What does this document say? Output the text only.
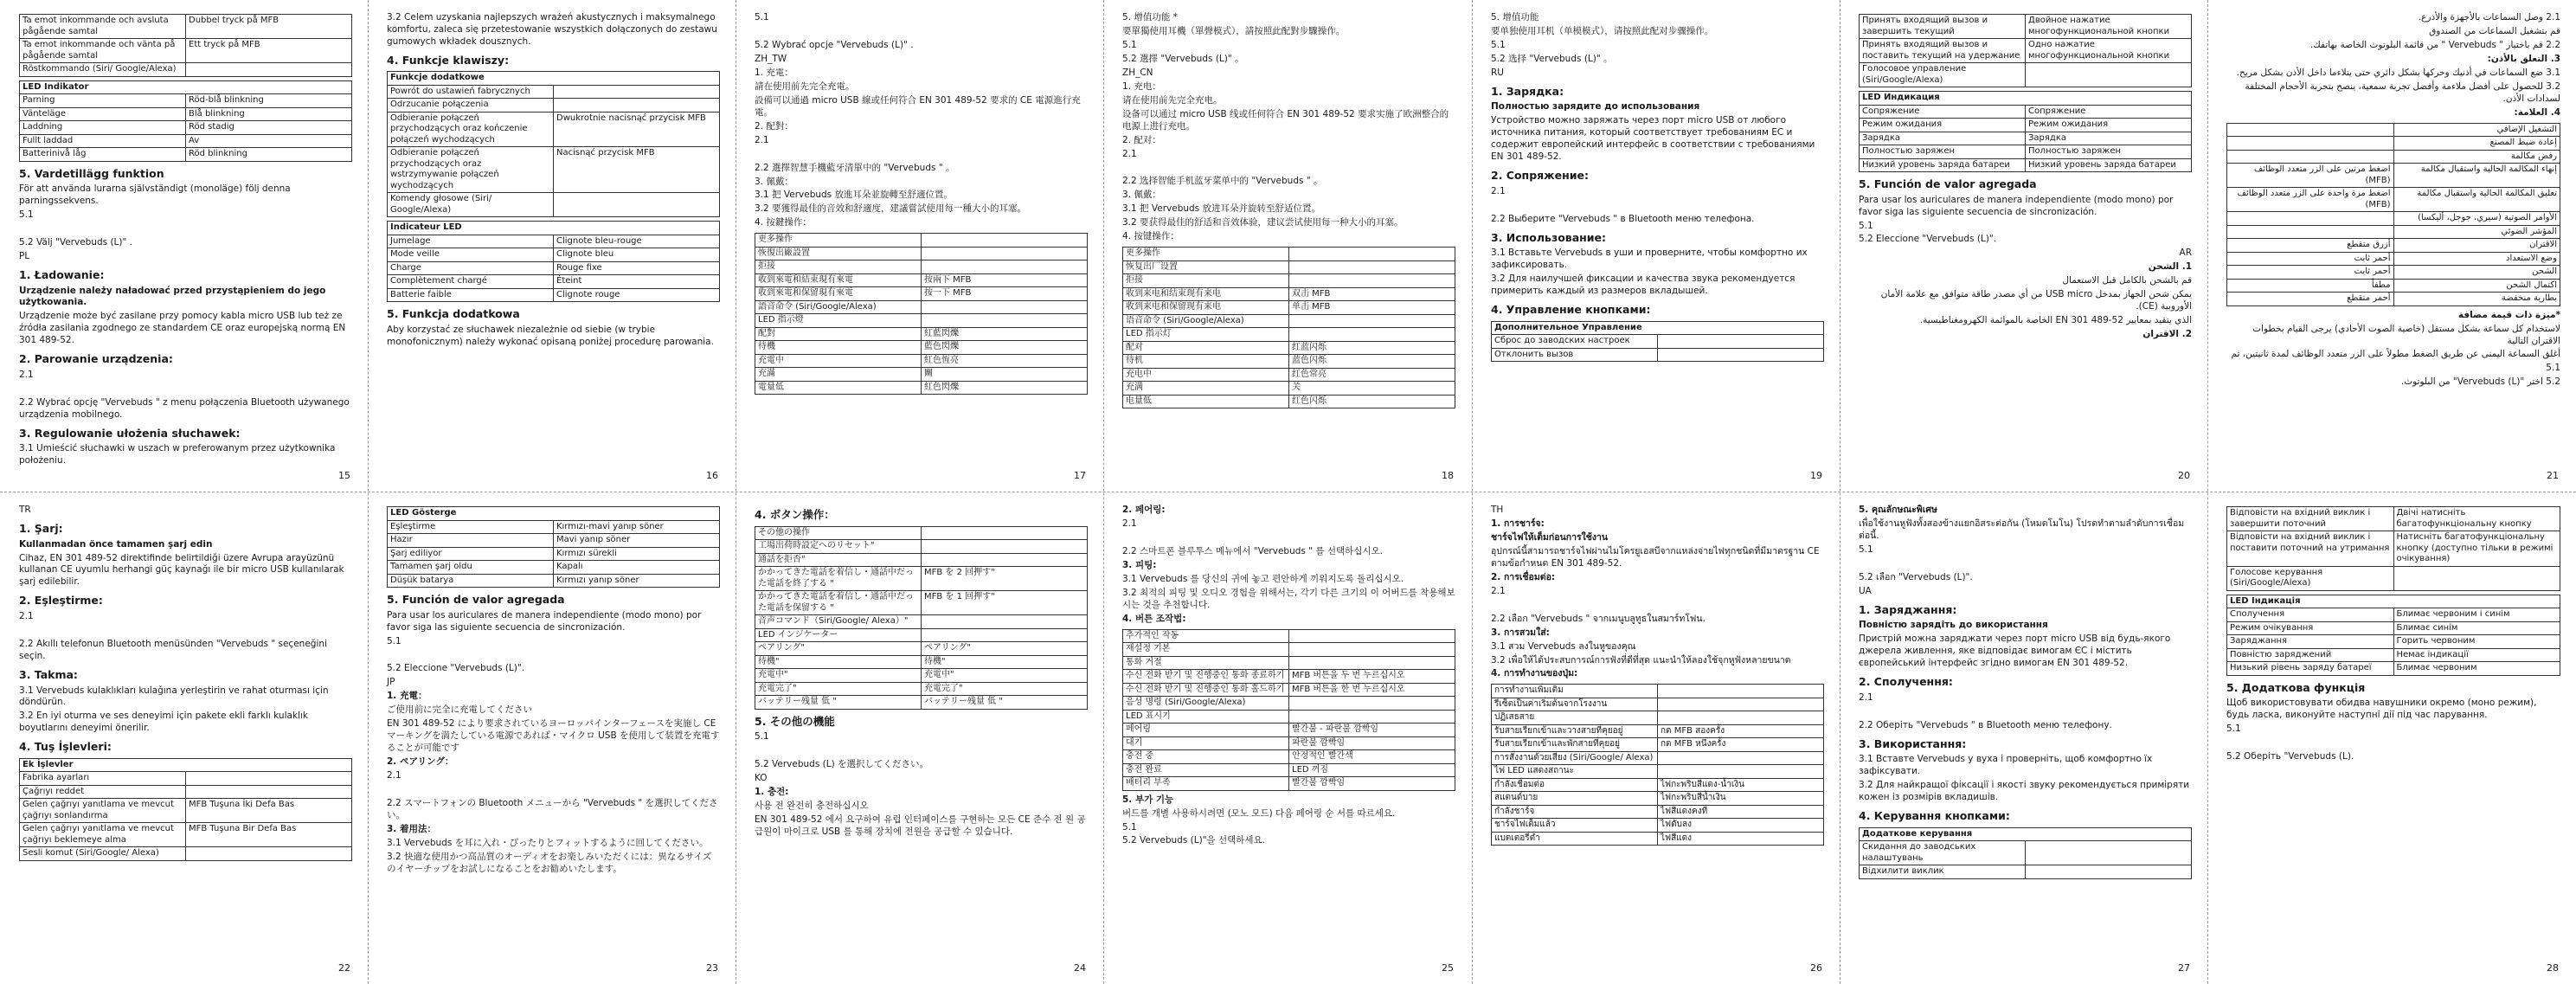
Ta emot inkommande och avsluta pågående samtal	Dubbel tryck på MFB
Ta emot inkommande och vänta på pågående samtal	Ett tryck på MFB
Röstkommando (Siri/ Google/Alexa)	
LED Indikator	
Parning	Röd-blå blinkning
Vänteläge	Blå blinkning
Laddning	Röd stadig
Fullt laddad	Av
Batterinivå låg	Röd blinkning
5. Vardetillägg funktion
För att använda lurarna självständigt (monoläge) följ denna parningssekvens.
5.1
5.2 Välj "Vervebuds (L)" .
PL
1. Ładowanie:
Urządzenie należy naładować przed przystąpieniem do jego użytkowania.
Urządzenie może być zasilane przy pomocy kabla micro USB lub też ze źródła zasilania zgodnego ze standardem CE oraz europejską normą EN 301 489-52.
2. Parowanie urządzenia:
2.1
2.2 Wybrać opcję "Vervebuds " z menu połączenia Bluetooth używanego urządzenia mobilnego.
3. Regulowanie ułożenia słuchawek:
3.1 Umieścić słuchawki w uszach w preferowanym przez użytkownika położeniu.
15
3.2 Celem uzyskania najlepszych wrażeń akustycznych i maksymalnego komfortu, zaleca się przetestowanie wszystkich dołączonych do zestawu gumowych wkładek dousznych.
4. Funkcje klawiszy:
Funkcje dodatkowe	
Powrót do ustawień fabrycznych	
Odrzucanie połączenia	
Odbieranie połączeń przychodzących oraz kończenie połączeń wychodzących	Dwukrotnie nacisnąć przycisk MFB
Odbieranie połączeń przychodzących oraz wstrzymywanie połączeń wychodzących	Nacisnąć przycisk MFB
Komendy głosowe (Siri/ Google/Alexa)	
Indicateur LED	
Jumelage	Clignote bleu-rouge
Mode veille	Clignote bleu
Charge	Rouge fixe
Complètement chargé	Éteint
Batterie faible	Clignote rouge
5. Funkcja dodatkowa
Aby korzystać ze słuchawek niezależnie od siebie (w trybie monofonicznym) należy wykonać opisaną poniżej procedurę parowania.
16
5.1
5.2 Wybrać opcje "Vervebuds (L)" .
ZH_TW
1. 充電：
請在使用前先完全充電。
設備可以通過 micro USB 線或任何符合 EN 301 489-52 要求的 CE 電源進行充電。
2. 配對：
2.1
2.2 選擇智慧手機藍牙清單中的 "Vervebuds " 。
3. 佩戴：
3.1 把 Vervebuds 放進耳朵並旋轉至舒適位置。
3.2 要獲得最佳的音效和舒適度，建議嘗試使用每一種大小的耳塞。
4. 按鍵操作：
更多操作	
恢復出廠設置	
拒接	
收到來電和結束現有來電	按兩下 MFB
收到來電和保留現有來電	按一下 MFB
語音命令 (Siri/Google/Alexa)	
LED 指示燈	
配對	紅藍閃爍
待機	藍色閃爍
充電中	紅色恆亮
充滿	關
電量低	紅色閃爍
17
5. 增值功能 *
要單獨使用耳機（單聲模式），請按照此配對步驟操作。
5.1
5.2 選擇 "Vervebuds (L)" 。
ZH_CN
1. 充电：
请在使用前先完全充电。
设备可以通过 micro USB 线或任何符合 EN 301 489-52 要求实施了欧洲整合的电源上进行充电。
2. 配对：
2.1
2.2 选择智能手机蓝牙菜单中的 "Vervebuds " 。
3. 佩戴：
3.1 把 Vervebuds 放进耳朵并旋转至舒适位置。
3.2 要获得最佳的舒适和音效体验，建议尝试使用每一种大小的耳塞。
4. 按键操作：
更多操作	
恢复出厂设置	
拒接	
收到来电和结束现有来电	双击 MFB
收到来电和保留现有来电	单击 MFB
语音命令 (Siri/Google/Alexa)	
LED 指示灯	
配对	红蓝闪烁
待机	蓝色闪烁
充电中	红色常亮
充满	关
电量低	红色闪烁
18
5. 增值功能
要单独使用耳机（单模模式），请按照此配对步骤操作。
5.1
5.2 选择 "Vervebuds (L)" 。
RU
1. Зарядка:
Полностью зарядите до использования
Устройство можно заряжать через порт micro USB от любого источника питания, который соответствует требованиям ЕС и содержит европейский интерфейс в соответствии с требованиями EN 301 489-52.
2. Сопряжение:
2.1
2.2 Выберите "Vervebuds " в Bluetooth меню телефона.
3. Использование:
3.1 Вставьте Vervebuds в уши и проверните, чтобы комфортно их зафиксировать.
3.2 Для наилучшей фиксации и качества звука рекомендуется примерить каждый из размеров вкладышей.
4. Управление кнопками:
Дополнительное Управление	
Сброс до заводских настроек	
Отклонить вызов	
19
Принять входящий вызов и завершить текущий	Двойное нажатие многофункциональной кнопки
Принять входящий вызов и поставить текущий на удержание	Одно нажатие многофункциональной кнопки
Голосовое управление (Siri/Google/Alexa)	
LED Индикация	
Сопряжение	Сопряжение
Режим ожидания	Режим ожидания
Зарядка	Зарядка
Полностью заряжен	Полностью заряжен
Низкий уровень заряда батареи	Низкий уровень заряда батареи
5. Función de valor agregada
Para usar los auriculares de manera independiente (modo mono) por favor siga las siguiente secuencia de sincronización.
5.1
5.2 Eleccione "Vervebuds (L)".
AR
1. الشحن
قم بالشحن بالكامل قبل الاستعمال
يمكن شحن الجهاز بمدخل USB micro من أي مصدر طاقة متوافق مع علامة الأمان الأوروبية (CE).
الذي يتقيد بمعايير EN 301 489-52 الخاصة بالموائمة الكهرومغناطيسية.
2. الاقتران
20
2.1 وصل السماعات بالأجهزة والأذرع.
قم بتشغيل السماعات من الصندوق
2.2 قم باختيار " Vervebuds " من قائمة البلوتوث الخاصة بهاتفك.
3. التعلق بالأذن:
3.1 ضع السماعات في أذنيك وحركها بشكل دائري حتى يتلاءما داخل الأذن بشكل مريح.
3.2 للحصول على أفضل ملاءمة وأفضل تجربة سمعية، ينصح بتجربة الأحجام المختلفة لسدادات الأذن.
4. العلامة:
التشغيل الإضافي	
إعادة ضبط المصنع	
رفض مكالمة	
إنهاء المكالمة الحالية واستقبال مكالمة	اضغط مرتين على الزر متعدد الوظائف (MFB)
تعليق المكالمة الحالية واستقبال مكالمة	اضغط مرة واحدة على الزر متعدد الوظائف (MFB)
الأوامر الصوتية (سيري، جوجل، أليكسا)	
المؤشر الضوئي	
الاقتران	أزرق متقطع
وضع الاستعداد	أحمر ثابت
الشحن	أحمر ثابت
اكتمال الشحن	مطفأ
بطارية منخفضة	أحمر متقطع
*ميزة ذات قيمة مضافة
لاستخدام كل سماعة بشكل مستقل (خاصية الصوت الأحادي) يرجى القيام بخطوات الاقتران التالية
أغلق السماعة اليمنى عن طريق الضغط مطولاً على الزر متعدد الوظائف لمدة ثانيتين، ثم
5.1
5.2 اختر "Vervebuds (L)" من البلوتوث.
21
TR
1. Şarj:
Kullanmadan önce tamamen şarj edin
Cihaz, EN 301 489-52 direktifinde belirtildiği üzere Avrupa arayüzünü kullanan CE uyumlu herhangi güç kaynağı ile bir micro USB kullanılarak şarj edilebilir.
2. Eşleştirme:
2.1
2.2 Akıllı telefonun Bluetooth menüsünden "Vervebuds " seçeneğini seçin.
3. Takma:
3.1 Vervebuds kulaklıkları kulağına yerleştirin ve rahat oturması için döndürün.
3.2 En iyi oturma ve ses deneyimi için pakete ekli farklı kulaklık boyutlarını deneyimi önerilir.
4. Tuş İşlevleri:
Ek İşlevler	
Fabrika ayarları	
Çağrıyı reddet	
Gelen çağrıyı yanıtlama ve mevcut çağrıyı sonlandırma	MFB Tuşuna İki Defa Bas
Gelen çağrıyı yanıtlama ve mevcut çağrıyı beklemeye alma	MFB Tuşuna Bir Defa Bas
Sesli komut (Siri/Google/ Alexa)	
22
LED Gösterge	
Eşleştirme	Kırmızı-mavi yanıp söner
Hazır	Mavi yanıp söner
Şarj ediliyor	Kırmızı sürekli
Tamamen şarj oldu	Kapalı
Düşük batarya	Kırmızı yanıp söner
5. Función de valor agregada
Para usar los auriculares de manera independiente (modo mono) por favor siga las siguiente secuencia de sincronización.
5.1
5.2 Eleccione "Vervebuds (L)".
JP
1. 充電：
ご使用前に完全に充電してください
EN 301 489-52 により要求されているヨーロッパインターフェースを実施し CE マーキングを満たしている電源であれば・マイクロ USB を使用して装置を充電することが可能です
2. ペアリング：
2.1
2.2 スマートフォンの Bluetooth メニューから "Vervebuds " を選択してください。
3. 着用法：
3.1 Vervebuds を耳に入れ・ぴったりとフィットするように回してください。
3.2 快適な使用かつ高品質のオーディオをお楽しみいただくには：異なるサイズのイヤーチップをお試しになることをお勧めいたします。
23
4. ボタン操作：
その他の操作	
工場出荷時設定へのリセット"	
通話を拒否"	
かかってきた電話を着信し・通話中だった電話を終了する "	MFB を 2 回押す"
かかってきた電話を着信し・通話中だった電話を保留する "	MFB を 1 回押す"
音声コマンド（Siri/Google/ Alexa）"	
LED インジケーター	
ペアリング"	ペアリング"
待機"	待機"
充電中"	充電中"
充電完了"	充電完了"
バッテリー残量 低 "	バッテリー残量 低 "
5. その他の機能
5.1
5.2 Vervebuds (L) を選択してください。
KO
1. 충전:
사용 전 완전히 충전하십시오
EN 301 489-52 에서 요구하여 유럽 인터페이스를 구현하는 모든 CE 준수 전 원 공급원이 마이크로 USB 를 통해 장치에 전원을 공급할 수 있습니다.
24
2. 페어링:
2.1
2.2 스마트폰 블루투스 메뉴에서 "Vervebuds " 를 선택하십시오.
3. 피팅:
3.1 Vervebuds 를 당신의 귀에 놓고 편안하게 끼워지도록 돌리십시오.
3.2 최적의 피팅 및 오디오 경험을 위해서는, 각기 다른 크기의 이 어버드를 착용해보시는 것을 추천합니다.
4. 버튼 조작법:
추가적인 작동	
재설정 기본	
통화 거절	
수신 전화 받기 및 진행중인 통화 종료하기	MFB 버튼을 두 번 누르십시오
수신 전화 받기 및 진행중인 통화 홀드하기	MFB 버튼을 한 번 누르십시오
음성 명령 (Siri/Google/Alexa)	
LED 표시기	
페어링	빨간불 - 파란불 깜빡임
대기	파란불 깜빡임
충전 중	안정적인 빨간색
충전 완료	LED 꺼짐
배터리 부족	빨간불 깜빡임
5. 부가 기능
버드를 개별 사용하시려면 (모노 모드) 다음 페어링 순 서를 따르세요.
5.1
5.2 Vervebuds (L)"을 선택하세요.
25
TH
1. การชาร์จ:
ชาร์จไฟให้เต็มก่อนการใช้งาน
อุปกรณ์นี้สามารถชาร์จไฟผ่านไมโครยูเอสบีจากแหล่งจ่ายไฟทุกชนิดที่มีมาตรฐาน CE ตามข้อกำหนด EN 301 489-52.
2. การเชื่อมต่อ:
2.1
2.2 เลือก "Vervebuds " จากเมนูบลูทูธในสมาร์ทโฟน.
3. การสวมใส่:
3.1 สวม Vervebuds ลงในหูของคุณ
3.2 เพื่อให้ได้ประสบการณ์การฟังที่ดีที่สุด แนะนำให้ลองใช้จุกหูฟังหลายขนาด
4. การทำงานของปุ่ม:
การทำงานเพิ่มเติม	
รีเซ็ตเป็นค่าเริ่มต้นจากโรงงาน	
ปฏิเสธสาย	
รับสายเรียกเข้าและวางสายที่คุยอยู่	กด MFB สองครั้ง
รับสายเรียกเข้าและพักสายที่คุยอยู่	กด MFB หนึ่งครั้ง
การสั่งงานด้วยเสียง (Siri/Google/ Alexa)	
ไฟ LED แสดงสถานะ	
กำลังเชื่อมต่อ	ไฟกะพริบสีแดง-น้ำเงิน
สแตนด์บาย	ไฟกะพริบสีน้ำเงิน
กำลังชาร์จ	ไฟสีแดงคงที่
ชาร์จไฟเต็มแล้ว	ไฟดับลง
แบตเตอรี่ต่ำ	ไฟสีแดง
26
5. คุณลักษณะพิเศษ
เพื่อใช้งานหูฟังทั้งสองข้างแยกอิสระต่อกัน (โหมดโมโน) โปรดทำตามลำดับการเชื่อมต่อนี้.
5.1
5.2 เลือก "Vervebuds (L)".
UA
1. Заряджання:
Повністю зарядіть до використання
Пристрій можна заряджати через порт micro USB від будь-якого джерела живлення, яке відповідає вимогам ЄС і містить європейський інтерфейс згідно вимогам EN 301 489-52.
2. Сполучення:
2.1
2.2 Оберіть "Vervebuds " в Bluetooth меню телефону.
3. Використання:
3.1 Вставте Vervebuds у вуха і проверніть, щоб комфортно їх зафіксувати.
3.2 Для найкращої фіксації і якості звуку рекомендується приміряти кожен із розмірів вкладишів.
4. Керування кнопками:
Додаткове керування	
Скидання до заводських налаштувань	
Відхилити виклик	
27
Відповісти на вхідний виклик і завершити поточний	Двічі натисніть багатофункціональну кнопку
Відповісти на вхідний виклик і поставити поточний на утримання	Натисніть багатофункціональну кнопку (доступно тільки в режимі очікування)
Голосове керування (Siri/Google/Alexa)	
LED Індикація	
Сполучення	Блимає червоним і синім
Режим очікування	Блимає синім
Заряджання	Горить червоним
Повністю заряджений	Немає індикації
Низький рівень заряду батареї	Блимає червоним
5. Додаткова функція
Щоб використовувати обидва навушники окремо (моно режим), будь ласка, виконуйте наступні дії під час парування.
5.1
5.2 Оберіть "Vervebuds (L).
28
